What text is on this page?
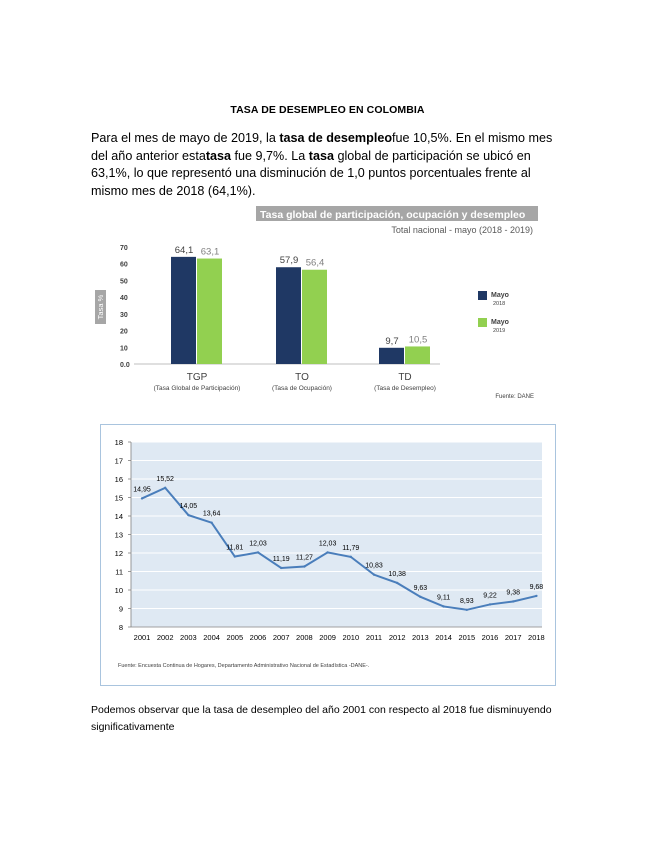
TASA DE DESEMPLEO EN COLOMBIA
Para el mes de mayo de 2019, la tasa de desempleofue 10,5%. En el mismo mes del año anterior estatasa fue 9,7%. La tasa global de participación se ubicó en 63,1%, lo que representó una disminución de 1,0 puntos porcentuales frente al mismo mes de 2018 (64,1%).
Tasa global de participación, ocupación y desempleo
Total nacional - mayo (2018 - 2019)
0.0
10
20
30
40
50
60
70
Tasa %
64,1 63,1
57,9 56,4
9,7 10,5
TGP
(Tasa Global de Participación)
TO
(Tasa de Ocupación)
TD
(Tasa de Desempleo)
Mayo
2018
Mayo
2019
Fuente: DANE
8
9
10
11
12
13
14
15
16
17
18
2001 2002 2003 2004 2005 2006 2007 2008 2009 2010 2011 2012 2013 2014 2015 2016 2017 2018
14,95
15,52
14,05
13,64
11,81
12,03
11,19 11,27
12,03
11,79
10,83
10,38
9,63
9,11 8,93
9,22 9,38
9,68
Fuente: Encuesta Continua de Hogares, Departamento Administrativo Nacional de Estadística -DANE-.
Podemos observar que la tasa de desempleo del año 2001 con respecto al 2018 fue disminuyendo significativamente
